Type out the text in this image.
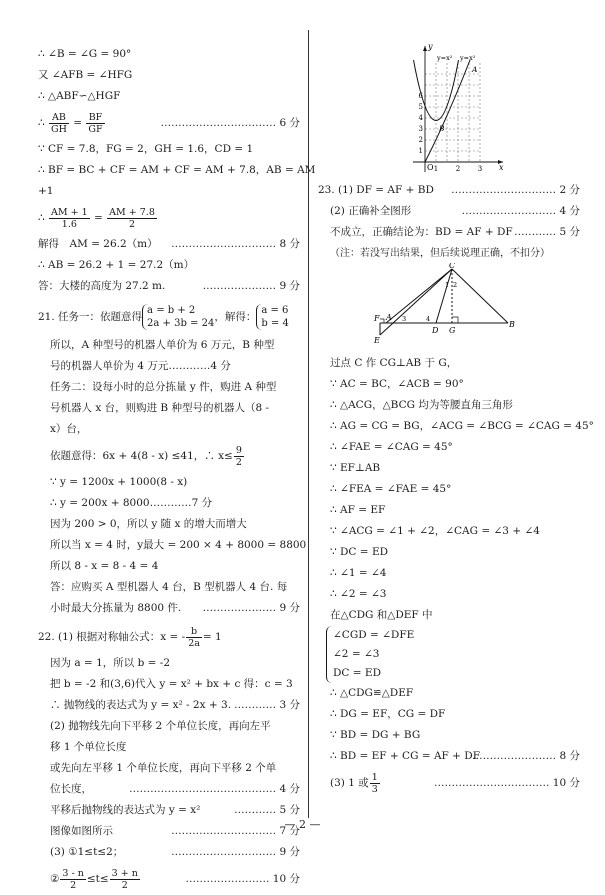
∴ ∠B = ∠G = 90°
又 ∠AFB = ∠HFG
∴ △ABF∽△HGF
∴ $\frac{AB}{GH} = \frac{BF}{GF}$	…………………………… 6 分
∵ CF = 7.8，FG = 2，GH = 1.6，CD = 1
∴ BF = BC + CF = AM + CF = AM + 7.8，AB = AM
+1
∴ $\frac{AM + 1}{1.6} = \frac{AM + 7.8}{2}$
解得　AM = 26.2（m） ………………………… 8 分
∴ AB = 26.2 + 1 = 27.2（m）
答：大楼的高度为 27.2 m.	………………… 9 分
21. 任务一：依题意得
a = b + 2
2a + 3b = 24
，解得：
a = 6
b = 4
所以，A 种型号的机器人单价为 6 万元，B 种型
号的机器人单价为 4 万元…………4 分
任务二：设每小时的总分拣量 y 件，购进 A 种型
号机器人 x 台，则购进 B 种型号的机器人（8 -
x）台，
依题意得：6x + 4(8 - x) ≤41，∴ $x\le \frac{9}{2}$
∵ y = 1200x + 1000(8 - x)
∴ y = 200x + 8000…………7 分
因为 200 > 0，所以 y 随 x 的增大而增大
所以当 x = 4 时，y最大 = 200 × 4 + 8000 = 8800
所以 8 - x = 8 - 4 = 4
答：应购买 A 型机器人 4 台，B 型机器人 4 台. 每
小时最大分拣量为 8800 件. ………………… 9 分
22. (1) 根据对称轴公式：x = - $\frac{b}{2a} = 1$
因为 a = 1，所以 b = -2
把 b = -2 和(3,6)代入 y = x² + bx + c 得：c = 3
∴ 抛物线的表达式为 y = x² - 2x + 3. ………… 3 分
(2) 抛物线先向下平移 2 个单位长度，再向左平
移 1 个单位长度
或先向左平移 1 个单位长度，再向下平移 2 个单
位长度，	…………………………………… 4 分
平移后抛物线的表达式为 y = x²	………… 5 分
图像如图所示	………………………… 7 分
(3) ①1≤t≤2；	………………………… 9 分
② $\frac{3 - n}{2} \le t\le \frac{3 + n}{2}$	…………………… 10 分
O
y
x
y=x² y=x²
A
B
1
2
3
4
5
6
1	2	3
C
F A
D G
B
E
1 2
3	4
23. (1) DF = AF + BD ………………………… 2 分
(2) 正确补全图形	……………………… 4 分
不成立，正确结论为：BD = AF + DF ………… 5 分
（注：若没写出结果，但后续说理正确，不扣分）
过点 C 作 CG⊥AB 于 G，
∵ AC = BC，∠ACB = 90°
∴ △ACG，△BCG 均为等腰直角三角形
∴ AG = CG = BG，∠ACG = ∠BCG = ∠CAG = 45°
∴ ∠FAE = ∠CAG = 45°
∵ EF⊥AB
∴ ∠FEA = ∠FAE = 45°
∴ AF = EF
∵ ∠ACG = ∠1 + ∠2，∠CAG = ∠3 + ∠4
∵ DC = ED
∴ ∠1 = ∠4
∴ ∠2 = ∠3
在△CDG 和△DEF 中
∠CGD = ∠DFE
∠2 = ∠3
DC = ED
∴ △CDG≌△DEF
∴ DG = EF，CG = DF
∵ BD = DG + BG
∴ BD = EF + CG = AF + DF
…………………… 8 分
(3) 1 或 $\frac{1}{3}$	…………………………… 10 分
— 2 —
